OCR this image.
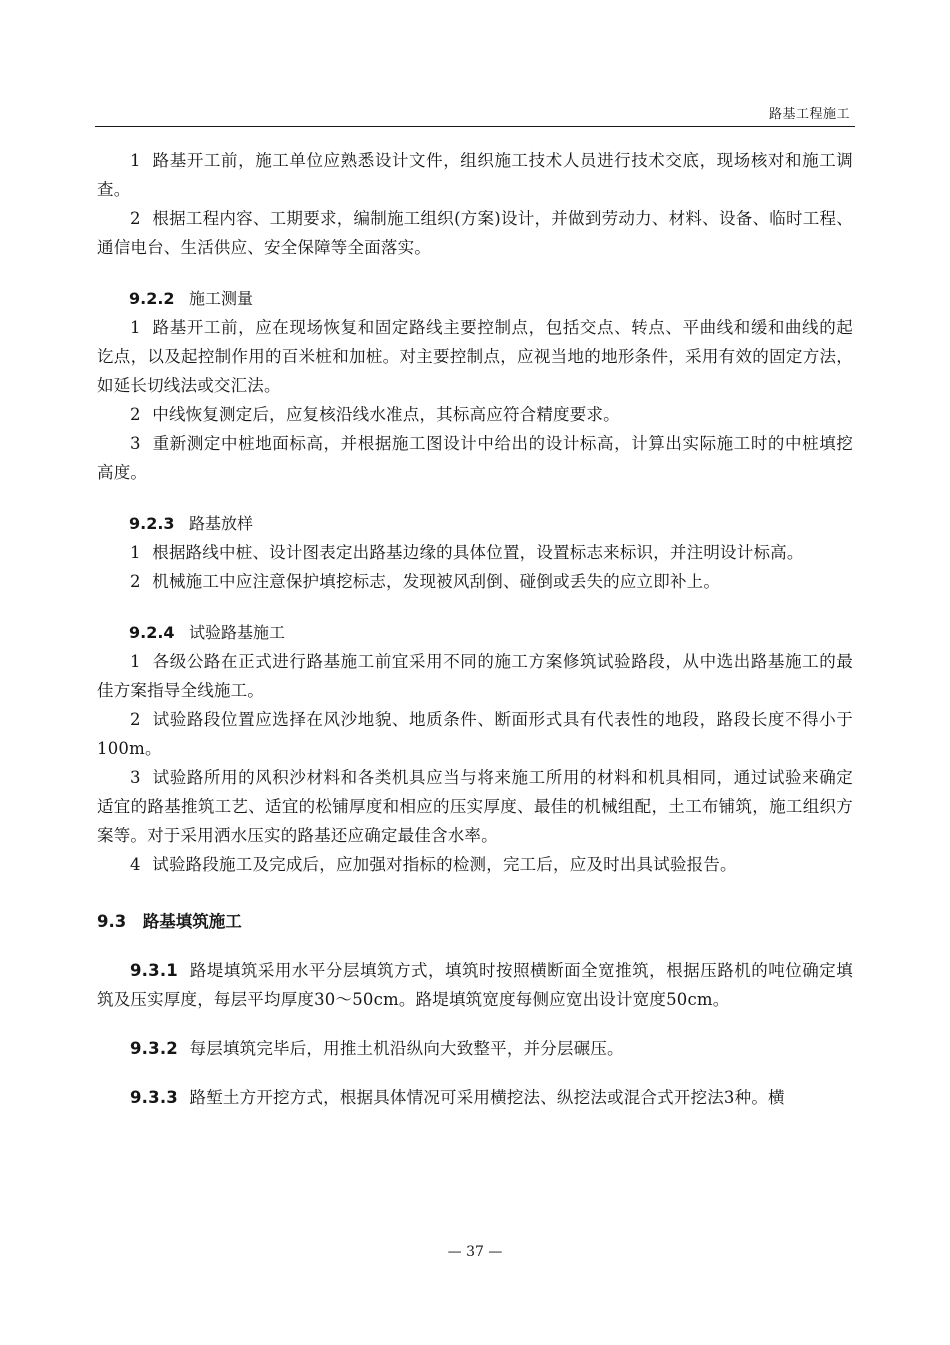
路基工程施工

1 路基开工前，施工单位应熟悉设计文件，组织施工技术人员进行技术交底，现场核对和施工调查。

2 根据工程内容、工期要求，编制施工组织(方案)设计，并做到劳动力、材料、设备、临时工程、通信电台、生活供应、安全保障等全面落实。

9.2.2 施工测量

1 路基开工前，应在现场恢复和固定路线主要控制点，包括交点、转点、平曲线和缓和曲线的起讫点，以及起控制作用的百米桩和加桩。对主要控制点，应视当地的地形条件，采用有效的固定方法，如延长切线法或交汇法。

2 中线恢复测定后，应复核沿线水准点，其标高应符合精度要求。

3 重新测定中桩地面标高，并根据施工图设计中给出的设计标高，计算出实际施工时的中桩填挖高度。

9.2.3 路基放样

1 根据路线中桩、设计图表定出路基边缘的具体位置，设置标志来标识，并注明设计标高。

2 机械施工中应注意保护填挖标志，发现被风刮倒、碰倒或丢失的应立即补上。

9.2.4 试验路基施工

1 各级公路在正式进行路基施工前宜采用不同的施工方案修筑试验路段，从中选出路基施工的最佳方案指导全线施工。

2 试验路段位置应选择在风沙地貌、地质条件、断面形式具有代表性的地段，路段长度不得小于100m。

3 试验路所用的风积沙材料和各类机具应当与将来施工所用的材料和机具相同，通过试验来确定适宜的路基推筑工艺、适宜的松铺厚度和相应的压实厚度、最佳的机械组配，土工布铺筑，施工组织方案等。对于采用洒水压实的路基还应确定最佳含水率。

4 试验路段施工及完成后，应加强对指标的检测，完工后，应及时出具试验报告。

9.3 路基填筑施工

9.3.1 路堤填筑采用水平分层填筑方式，填筑时按照横断面全宽推筑，根据压路机的吨位确定填筑及压实厚度，每层平均厚度30～50cm。路堤填筑宽度每侧应宽出设计宽度50cm。

9.3.2 每层填筑完毕后，用推土机沿纵向大致整平，并分层碾压。

9.3.3 路堑土方开挖方式，根据具体情况可采用横挖法、纵挖法或混合式开挖法3种。横

— 37 —
